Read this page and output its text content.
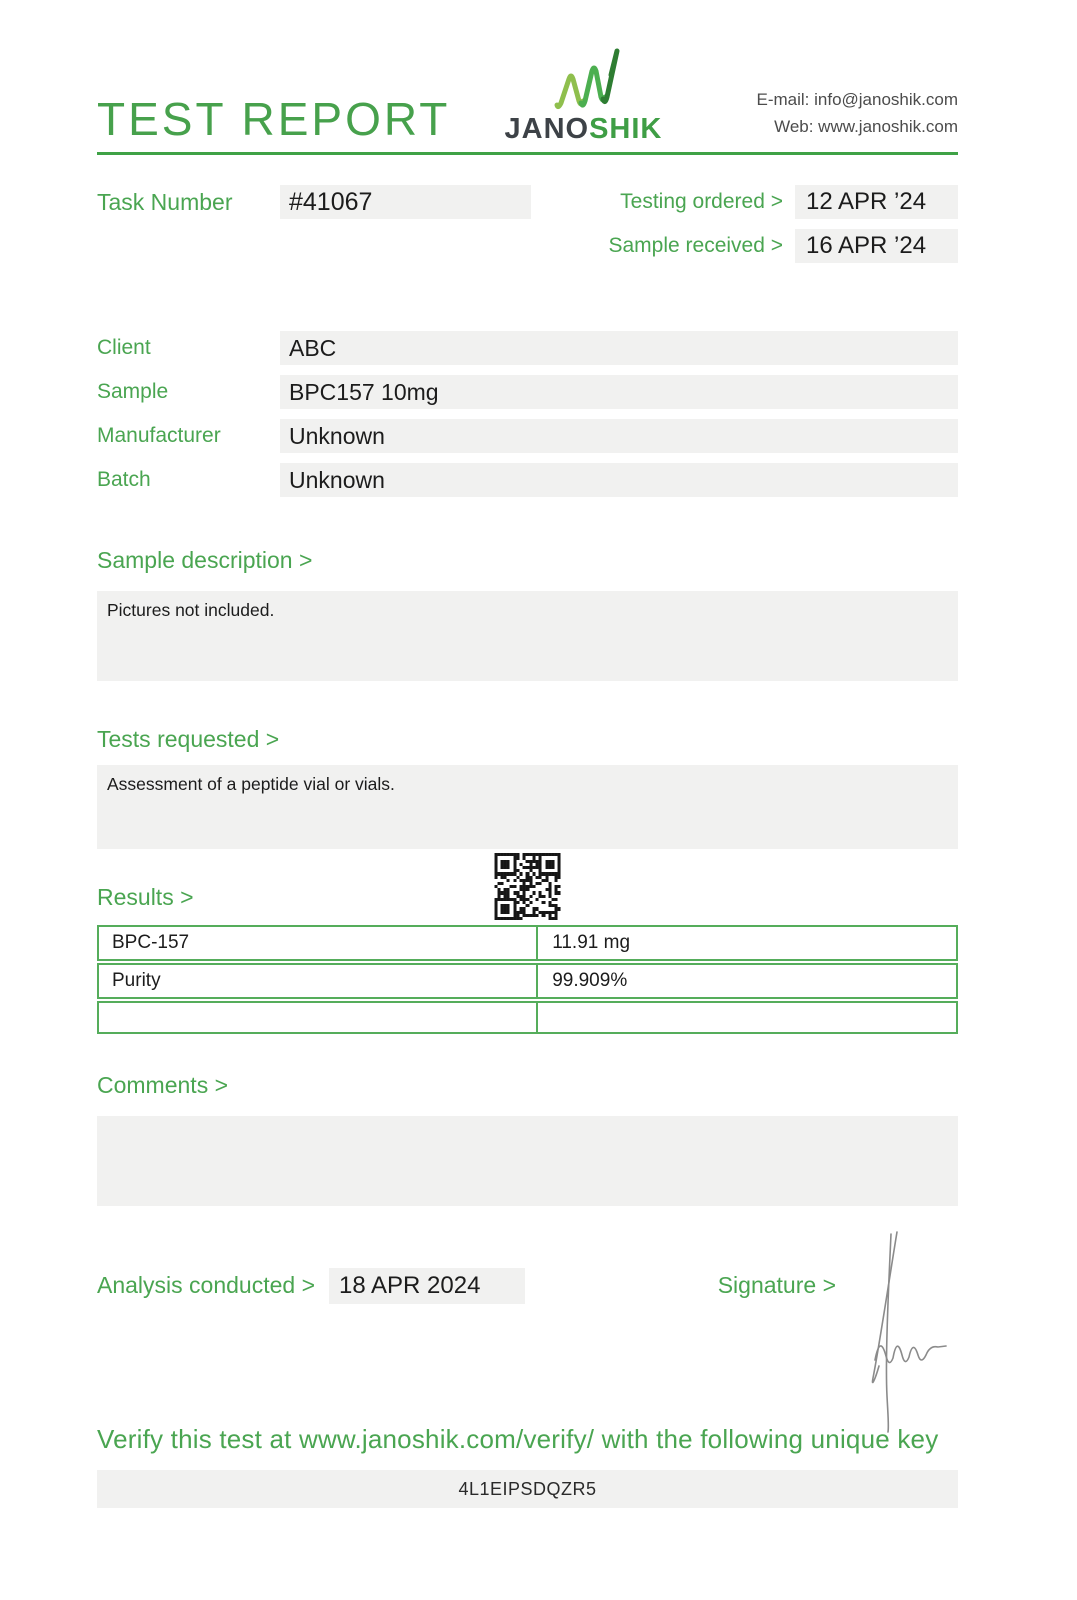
TEST REPORT JANOSHIK
E-mail: info@janoshik.com
Web: www.janoshik.com
Task Number	#41067	Testing ordered > 12 APR ’24
Sample received > 16 APR ’24
Client	ABC
Sample	BPC157 10mg
Manufacturer	Unknown
Batch	Unknown
Sample description >
Pictures not included.
Tests requested >
Assessment of a peptide vial or vials.
Results >
BPC-157	11.91 mg
Purity	99.909%
Comments >
Analysis conducted >	18 APR 2024	Signature >
Verify this test at www.janoshik.com/verify/ with the following unique key
4L1EIPSDQZR5
